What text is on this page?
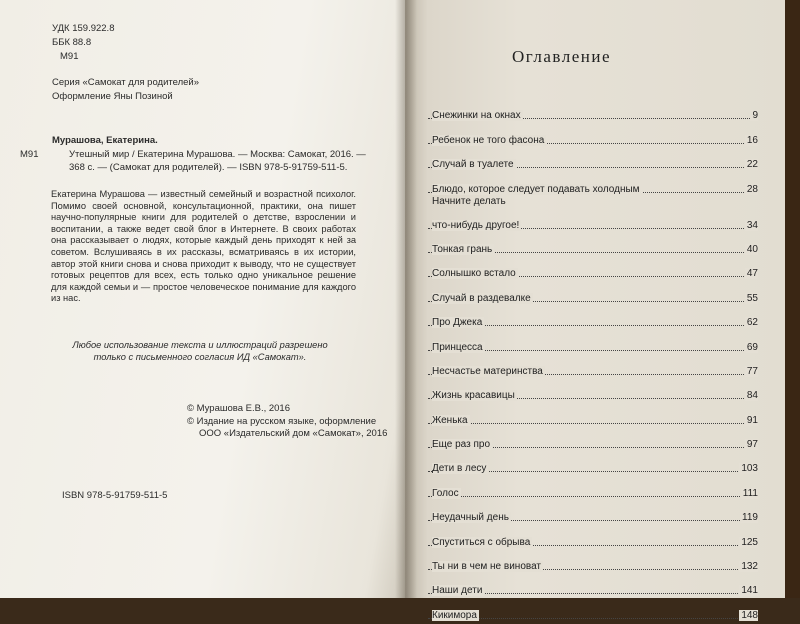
УДК 159.922.8
ББК 88.8
М91
Серия «Самокат для родителей»
Оформление Яны Позиной
Мурашова, Екатерина.
М91	Утешный мир / Екатерина Мурашова. — Москва: Самокат, 2016. —
368 с. — (Самокат для родителей). — ISBN 978-5-91759-511-5.

Екатерина Мурашова — известный семейный и возрастной психолог. Помимо своей основной, консультационной, практики, она пишет научно-популярные книги для родителей о детстве, взрослении и воспитании, а также ведет свой блог в Интернете. В своих работах она рассказывает о людях, которые каждый день приходят к ней за советом. Вслушиваясь в их рассказы, всматриваясь в их истории, автор этой книги снова и снова приходит к выводу, что не существует готовых рецептов для всех, есть только одно уникальное решение для каждой семьи и — простое человеческое понимание для каждого из нас.

Любое использование текста и иллюстраций разрешено только с письменного согласия ИД «Самокат».
© Мурашова Е.В., 2016
© Издание на русском языке, оформление
ООО «Издательский дом «Самокат», 2016
ISBN 978-5-91759-511-5
Оглавление
Снежинки на окнах	9
Ребенок не того фасона	16
Случай в туалете	22
Блюдо, которое следует подавать холодным	28
Начните делать
что-нибудь другое!	34
Тонкая грань	40
Солнышко встало	47
Случай в раздевалке	55
Про Джека	62
Принцесса	69
Несчастье материнства	77
Жизнь красавицы	84
Женька	91
Еще раз про	97
Дети в лесу	103
Голос	111
Неудачный день	119
Спуститься с обрыва	125
Ты ни в чем не виноват	132
Наши дети	141
Кикимора	148
